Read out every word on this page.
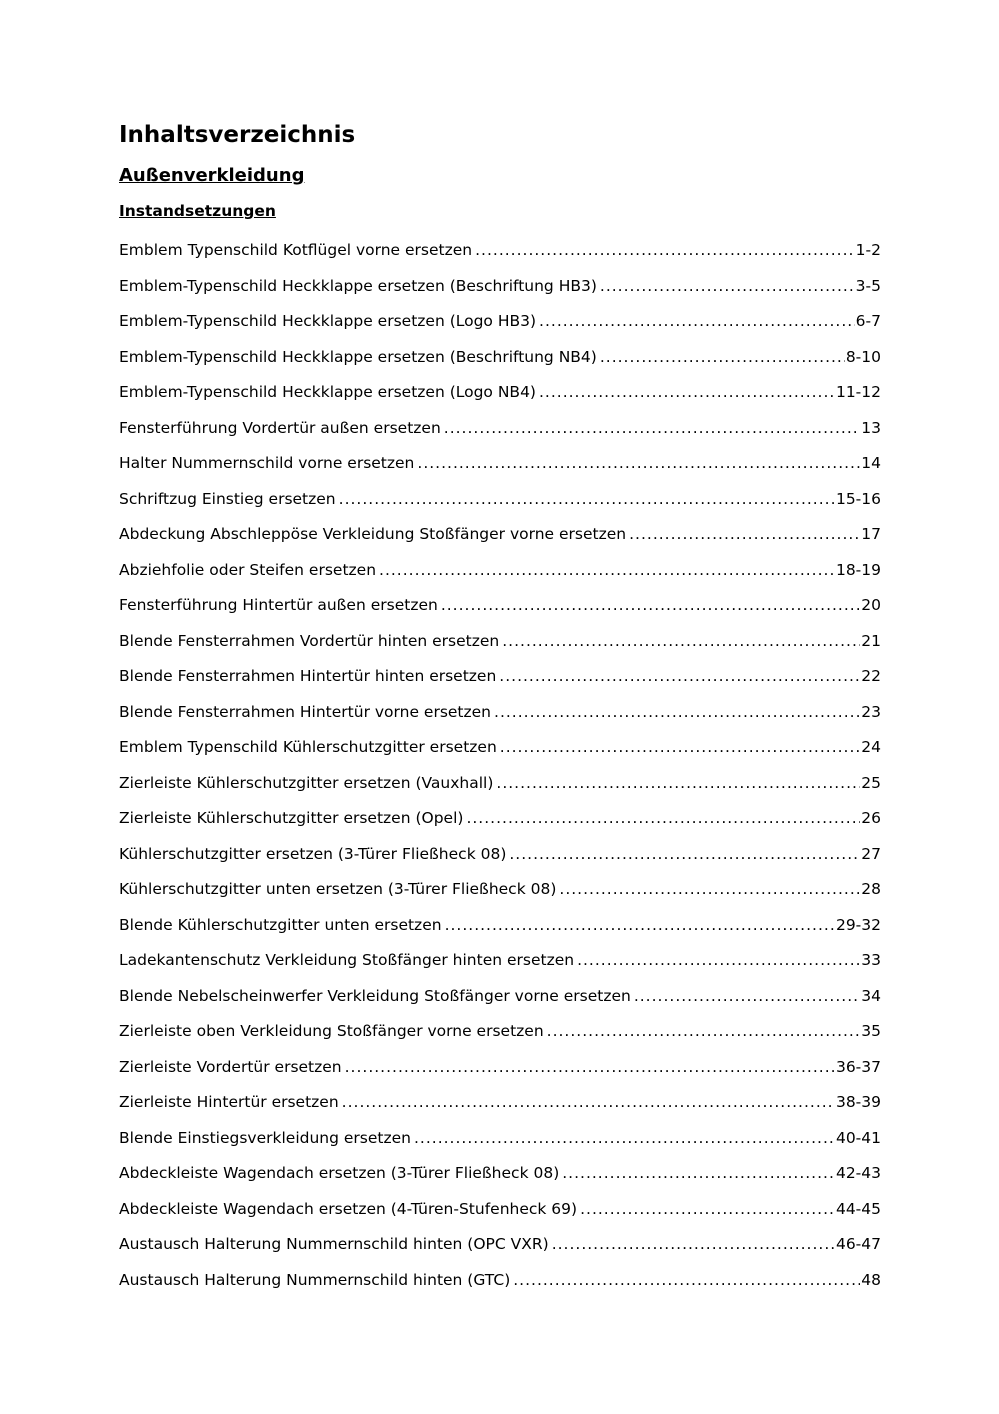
Inhaltsverzeichnis
Außenverkleidung
Instandsetzungen
Emblem Typenschild Kotflügel vorne ersetzen .....	1-2
Emblem-Typenschild Heckklappe ersetzen (Beschriftung HB3) .....	3-5
Emblem-Typenschild Heckklappe ersetzen (Logo HB3) .....	6-7
Emblem-Typenschild Heckklappe ersetzen (Beschriftung NB4) .....	8-10
Emblem-Typenschild Heckklappe ersetzen (Logo NB4) .....	11-12
Fensterführung Vordertür außen ersetzen .....	13
Halter Nummernschild vorne ersetzen .....	14
Schriftzug Einstieg ersetzen .....	15-16
Abdeckung Abschleppöse Verkleidung Stoßfänger vorne ersetzen .....	17
Abziehfolie oder Steifen ersetzen .....	18-19
Fensterführung Hintertür außen ersetzen .....	20
Blende Fensterrahmen Vordertür hinten ersetzen .....	21
Blende Fensterrahmen Hintertür hinten ersetzen .....	22
Blende Fensterrahmen Hintertür vorne ersetzen .....	23
Emblem Typenschild Kühlerschutzgitter ersetzen .....	24
Zierleiste Kühlerschutzgitter ersetzen (Vauxhall) .....	25
Zierleiste Kühlerschutzgitter ersetzen (Opel) .....	26
Kühlerschutzgitter ersetzen (3-Türer Fließheck 08) .....	27
Kühlerschutzgitter unten ersetzen (3-Türer Fließheck 08) .....	28
Blende Kühlerschutzgitter unten ersetzen .....	29-32
Ladekantenschutz Verkleidung Stoßfänger hinten ersetzen .....	33
Blende Nebelscheinwerfer Verkleidung Stoßfänger vorne ersetzen .....	34
Zierleiste oben Verkleidung Stoßfänger vorne ersetzen .....	35
Zierleiste Vordertür ersetzen .....	36-37
Zierleiste Hintertür ersetzen .....	38-39
Blende Einstiegsverkleidung ersetzen .....	40-41
Abdeckleiste Wagendach ersetzen (3-Türer Fließheck 08) .....	42-43
Abdeckleiste Wagendach ersetzen (4-Türen-Stufenheck 69) .....	44-45
Austausch Halterung Nummernschild hinten (OPC VXR) .....	46-47
Austausch Halterung Nummernschild hinten (GTC) .....	48
